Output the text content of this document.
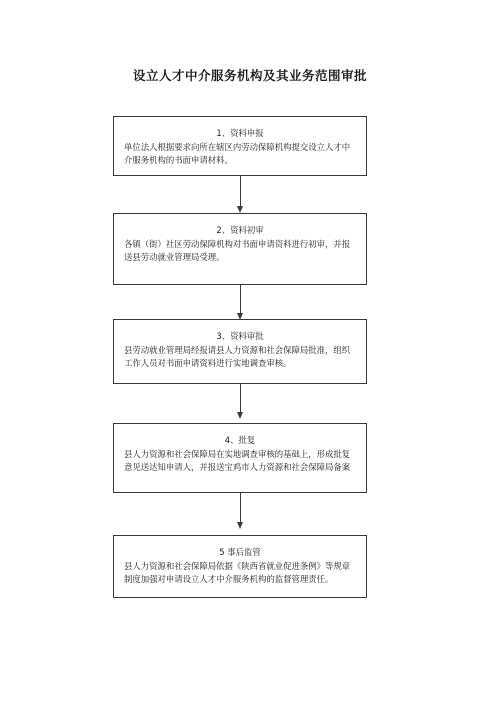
设立人才中介服务机构及其业务范围审批
1、资料申报
单位法人根据要求向所在辖区内劳动保障机构提交设立人才中介服务机构的书面申请材料。
2、资料初审
各镇（街）社区劳动保障机构对书面申请资料进行初审，并报送县劳动就业管理局受理。
3、资料审批
县劳动就业管理局经报请县人力资源和社会保障局批准，组织工作人员对书面申请资料进行实地调查审核。
4、批复
县人力资源和社会保障局在实地调查审核的基础上，形成批复意见送达知申请人，并报送宝鸡市人力资源和社会保障局备案
5 事后监管
县人力资源和社会保障局依据《陕西省就业促进条例》等规章制度加强对申请设立人才中介服务机构的监督管理责任。
